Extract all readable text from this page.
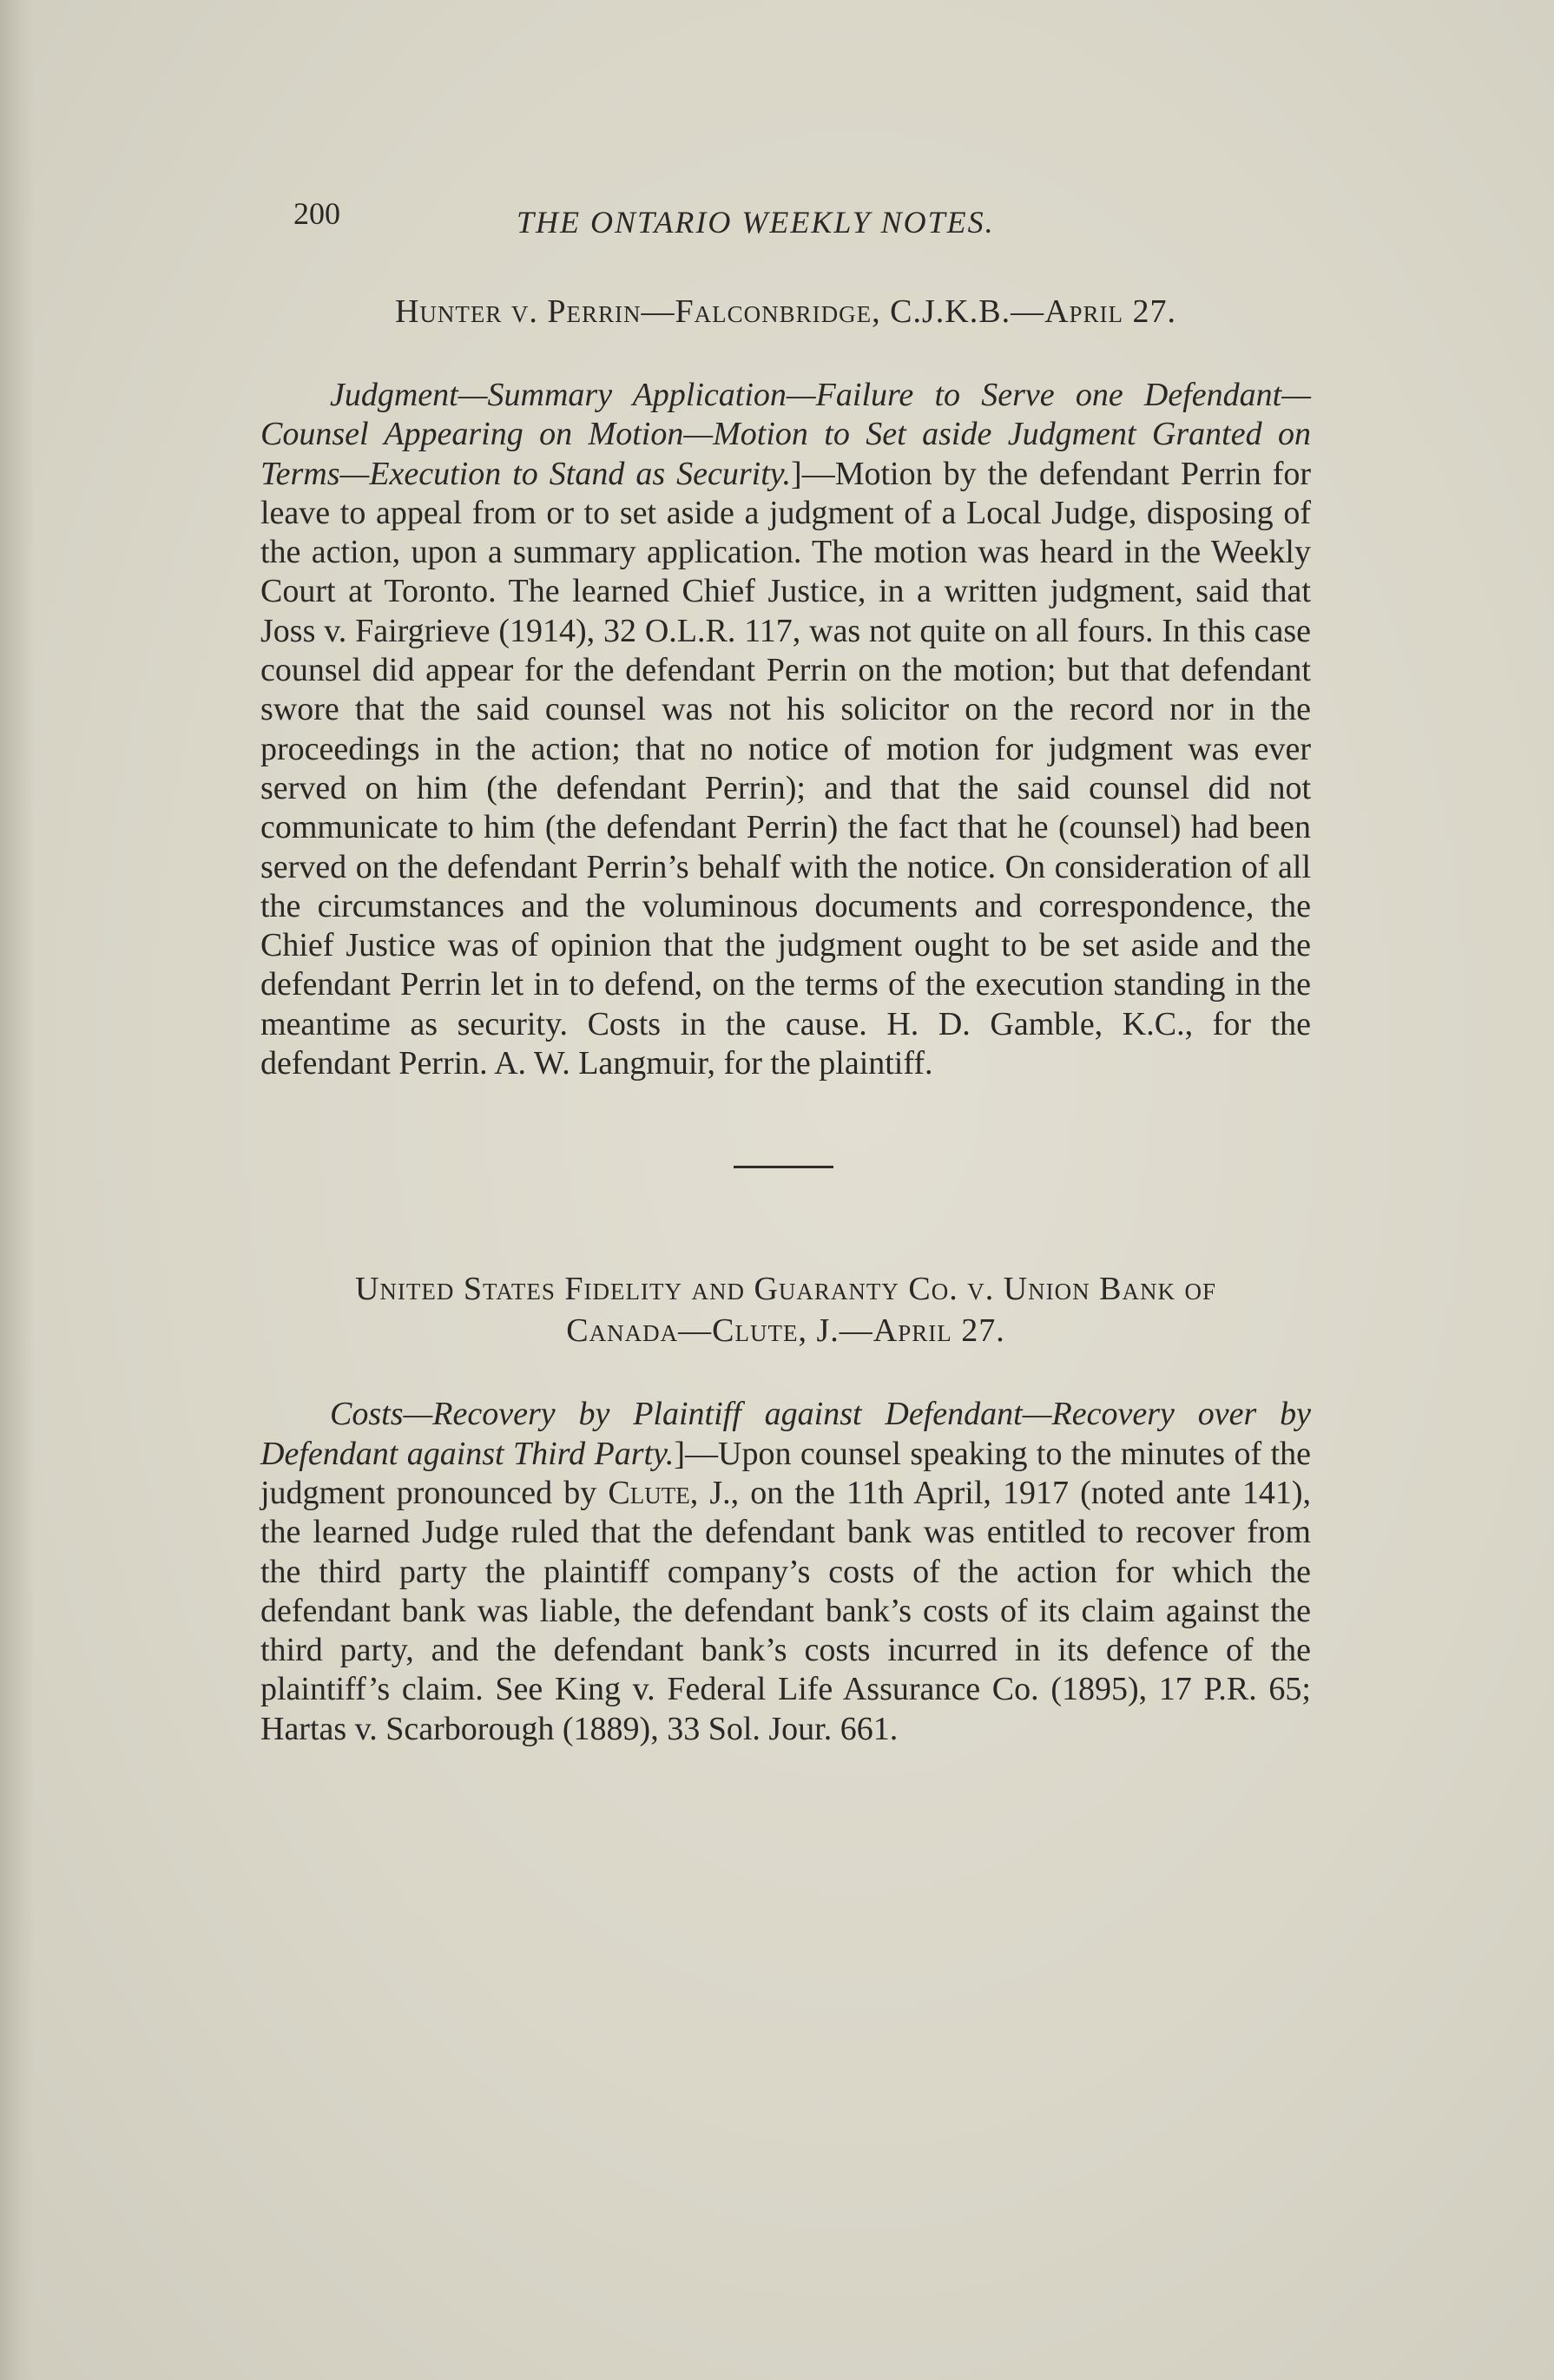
200	THE ONTARIO WEEKLY NOTES.

Hunter v. Perrin—Falconbridge, C.J.K.B.—April 27.

Judgment—Summary Application—Failure to Serve one Defendant—Counsel Appearing on Motion—Motion to Set aside Judgment Granted on Terms—Execution to Stand as Security.]—Motion by the defendant Perrin for leave to appeal from or to set aside a judgment of a Local Judge, disposing of the action, upon a summary application. The motion was heard in the Weekly Court at Toronto. The learned Chief Justice, in a written judgment, said that Joss v. Fairgrieve (1914), 32 O.L.R. 117, was not quite on all fours. In this case counsel did appear for the defendant Perrin on the motion; but that defendant swore that the said counsel was not his solicitor on the record nor in the proceedings in the action; that no notice of motion for judgment was ever served on him (the defendant Perrin); and that the said counsel did not communicate to him (the defendant Perrin) the fact that he (counsel) had been served on the defendant Perrin’s behalf with the notice. On consideration of all the circumstances and the voluminous documents and correspondence, the Chief Justice was of opinion that the judgment ought to be set aside and the defendant Perrin let in to defend, on the terms of the execution standing in the meantime as security. Costs in the cause. H. D. Gamble, K.C., for the defendant Perrin. A. W. Langmuir, for the plaintiff.

United States Fidelity and Guaranty Co. v. Union Bank of
Canada—Clute, J.—April 27.

Costs—Recovery by Plaintiff against Defendant—Recovery over by Defendant against Third Party.]—Upon counsel speaking to the minutes of the judgment pronounced by Clute, J., on the 11th April, 1917 (noted ante 141), the learned Judge ruled that the defendant bank was entitled to recover from the third party the plaintiff company’s costs of the action for which the defendant bank was liable, the defendant bank’s costs of its claim against the third party, and the defendant bank’s costs incurred in its defence of the plaintiff’s claim. See King v. Federal Life Assurance Co. (1895), 17 P.R. 65; Hartas v. Scarborough (1889), 33 Sol. Jour. 661.
